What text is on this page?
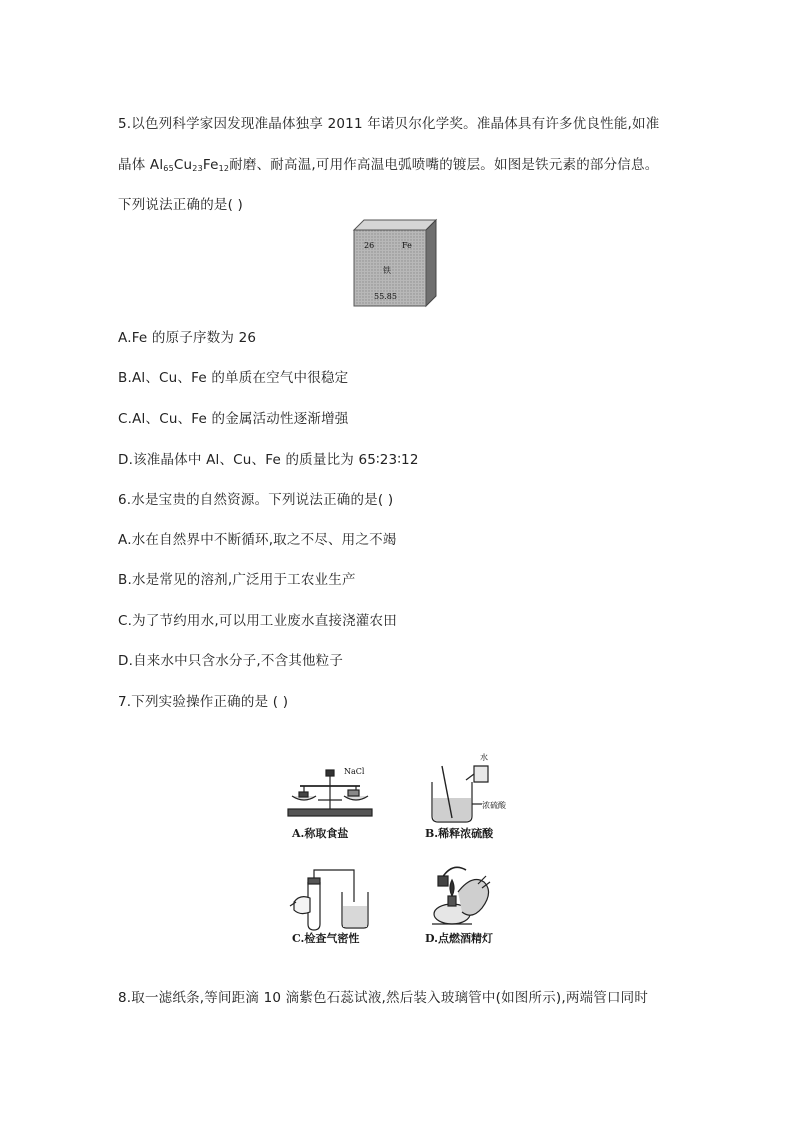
5.以色列科学家因发现准晶体独享 2011 年诺贝尔化学奖。准晶体具有许多优良性能,如准
晶体 $Al_{65}Cu_{23}Fe_{12}$耐磨、耐高温,可用作高温电弧喷嘴的镀层。如图是铁元素的部分信息。
下列说法正确的是( )
26	Fe
铁
55.85
A.Fe 的原子序数为 26
B.Al、Cu、Fe 的单质在空气中很稳定
C.Al、Cu、Fe 的金属活动性逐渐增强
D.该准晶体中 Al、Cu、Fe 的质量比为 65∶23∶12
6.水是宝贵的自然资源。下列说法正确的是( )
A.水在自然界中不断循环,取之不尽、用之不竭
B.水是常见的溶剂,广泛用于工农业生产
C.为了节约用水,可以用工业废水直接浇灌农田
D.自来水中只含水分子,不含其他粒子
7.下列实验操作正确的是 ( )
NaCl
A.称取食盐
水
浓硫酸
B.稀释浓硫酸
C.检查气密性	D.点燃酒精灯
8.取一滤纸条,等间距滴 10 滴紫色石蕊试液,然后装入玻璃管中(如图所示),两端管口同时
